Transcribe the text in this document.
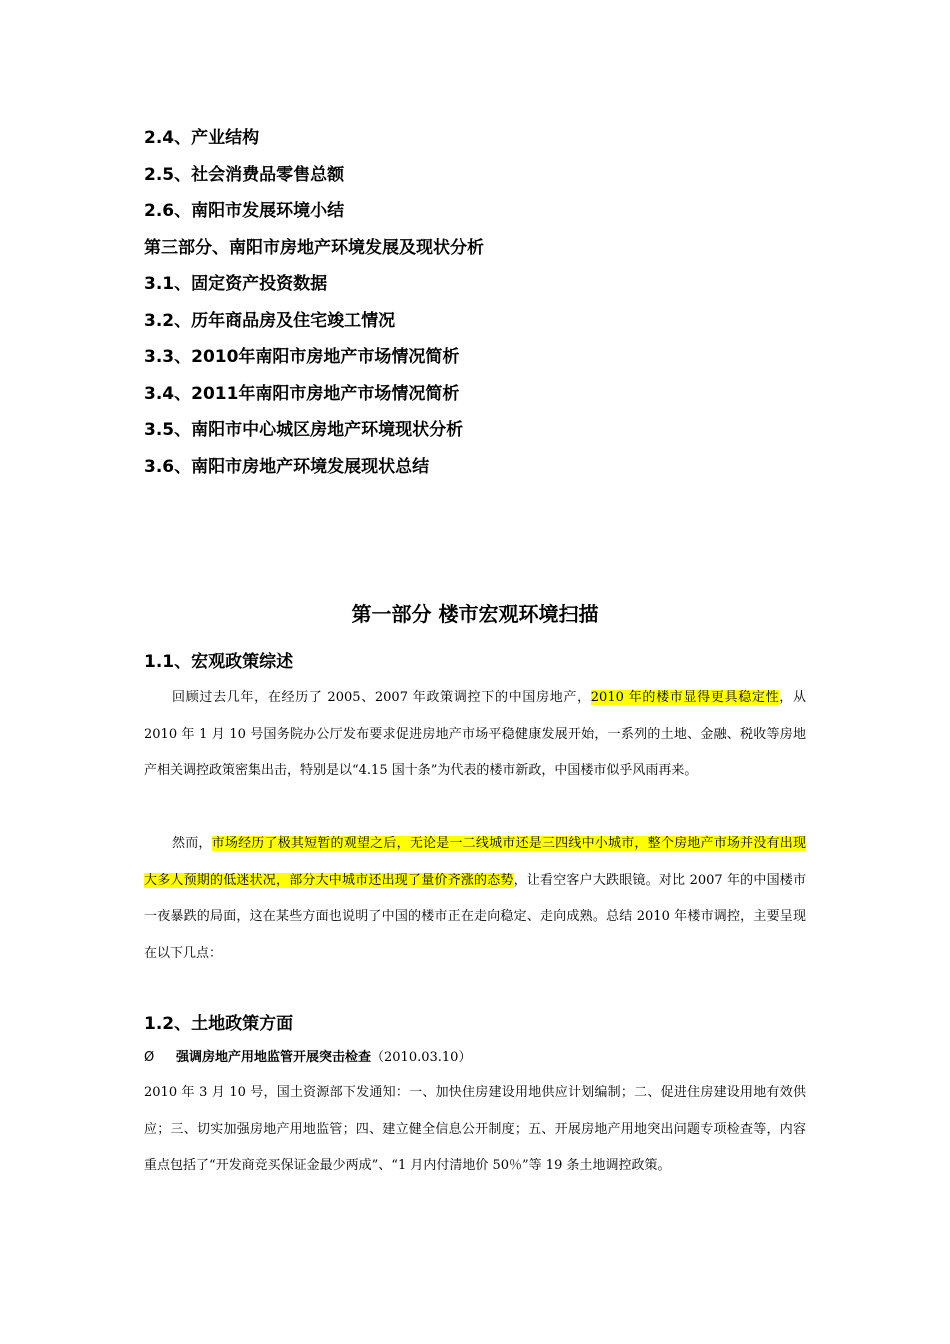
2.4、产业结构
2.5、社会消费品零售总额
2.6、南阳市发展环境小结
第三部分、南阳市房地产环境发展及现状分析
3.1、固定资产投资数据
3.2、历年商品房及住宅竣工情况
3.3、2010年南阳市房地产市场情况简析
3.4、2011年南阳市房地产市场情况简析
3.5、南阳市中心城区房地产环境现状分析
3.6、南阳市房地产环境发展现状总结
第一部分 楼市宏观环境扫描
1.1、宏观政策综述
回顾过去几年，在经历了 2005、2007 年政策调控下的中国房地产，2010 年的楼市显得更具稳定性，从 2010 年 1 月 10 号国务院办公厅发布要求促进房地产市场平稳健康发展开始，一系列的土地、金融、税收等房地产相关调控政策密集出击，特别是以“4.15 国十条”为代表的楼市新政，中国楼市似乎风雨再来。
然而，市场经历了极其短暂的观望之后，无论是一二线城市还是三四线中小城市，整个房地产市场并没有出现大多人预期的低迷状况，部分大中城市还出现了量价齐涨的态势，让看空客户大跌眼镜。对比 2007 年的中国楼市一夜暴跌的局面，这在某些方面也说明了中国的楼市正在走向稳定、走向成熟。总结 2010 年楼市调控，主要呈现在以下几点：
1.2、土地政策方面
Ø 强调房地产用地监管开展突击检查（2010.03.10）
2010 年 3 月 10 号，国土资源部下发通知：一、加快住房建设用地供应计划编制；二、促进住房建设用地有效供应；三、切实加强房地产用地监管；四、建立健全信息公开制度；五、开展房地产用地突出问题专项检查等，内容重点包括了“开发商竞买保证金最少两成”、“1 月内付清地价 50％”等 19 条土地调控政策。
